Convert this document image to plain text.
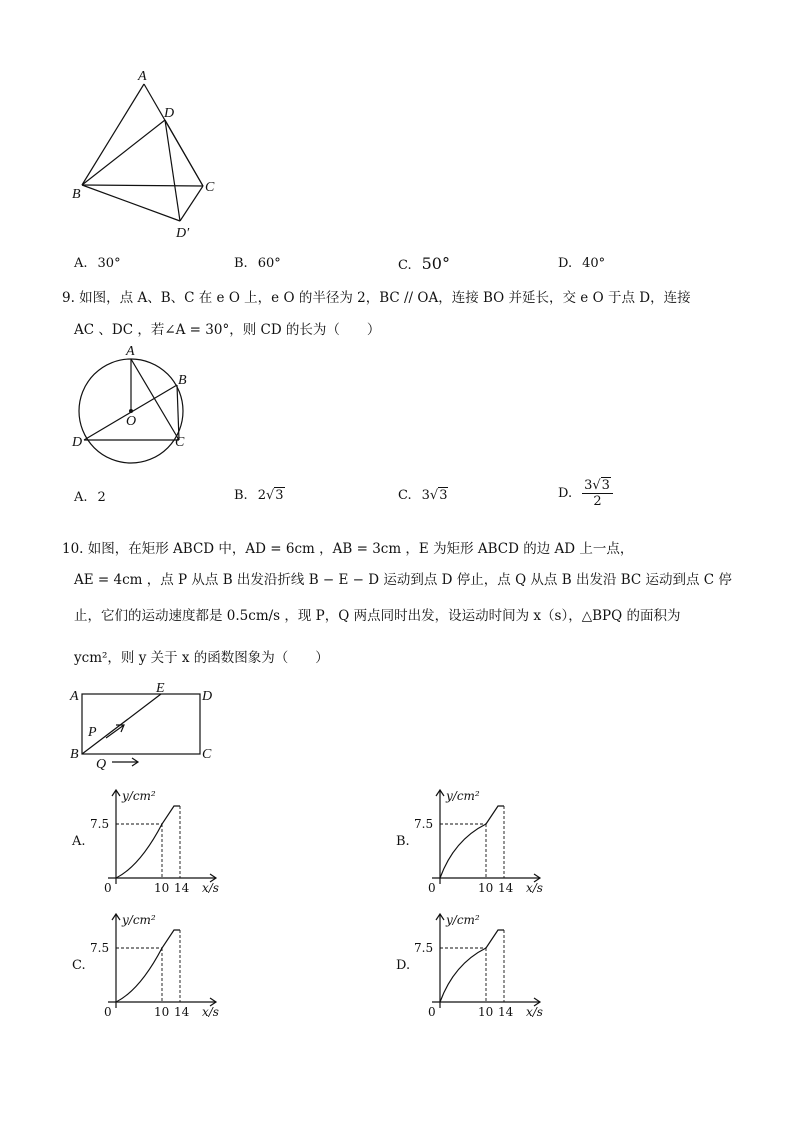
A
D
B	C
D′
A. 30°	B. 60°	C. 50°	D. 40°
9. 如图，点 A、B、C 在 e O 上，e O 的半径为 2，BC // OA，连接 BO 并延长，交 e O 于点 D，连接
AC 、DC ，若∠A = 30°，则 CD 的长为（　　）
A
B
C
D
O
A. 2	B. 2√3	C. 3√3	D. $\frac{3√3}{2}$
10. 如图，在矩形 ABCD 中，AD = 6cm ，AB = 3cm ，E 为矩形 ABCD 的边 AD 上一点，
AE = 4cm ，点 P 从点 B 出发沿折线 B − E − D 运动到点 D 停止，点 Q 从点 B 出发沿 BC 运动到点 C 停
止，它们的运动速度都是 0.5cm/s ，现 P，Q 两点同时出发，设运动时间为 x（s），△BPQ 的面积为
ycm²，则 y 关于 x 的函数图象为（　　）
A
E
D
B	C
P
Q
A.
y/cm²
x/s
7.5
10 14
0
B.
y/cm²
x/s
7.5
10 14
0
C.
y/cm²
x/s
7.5
10 14
0
D.
y/cm²
x/s
7.5
10 14
0
